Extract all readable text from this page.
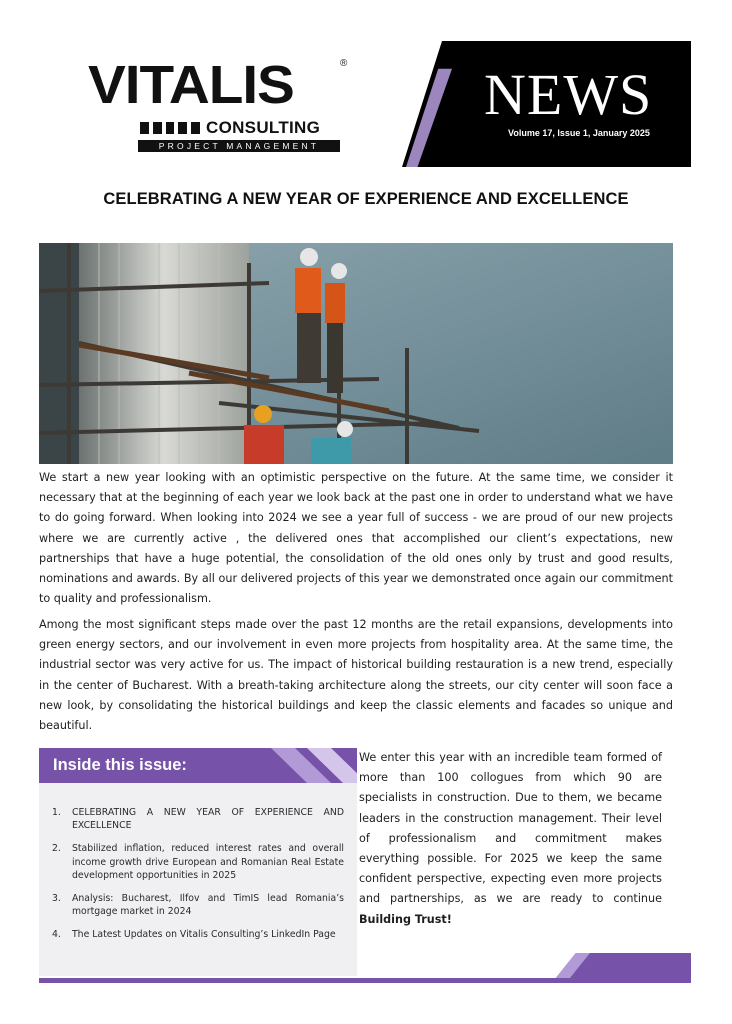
VITALIS	®
CONSULTING
PROJECT MANAGEMENT
NEWS
Volume 17, Issue 1, January 2025
CELEBRATING A NEW YEAR OF EXPERIENCE AND EXCELLENCE

We start a new year looking with an optimistic perspective on the future. At the same time, we consider it necessary that at the beginning of each year we look back at the past one in order to understand what we have to do going forward. When looking into 2024 we see a year full of success - we are proud of our new projects where we are currently active , the delivered ones that accomplished our client’s expectations, new partnerships that have a huge potential, the consolidation of the old ones only by trust and good results, nominations and awards. By all our delivered projects of this year we demonstrated once again our commitment to quality and professionalism.

Among the most significant steps made over the past 12 months are the retail expansions, developments into green energy sectors, and our involvement in even more projects from hospitality area. At the same time, the industrial sector was very active for us. The impact of historical building restauration is a new trend, especially in the center of Bucharest. With a breath-taking architecture along the streets, our city center will soon face a new look, by consolidating the historical buildings and keep the classic elements and facades so unique and beautiful.

Inside this issue:
1. CELEBRATING A NEW YEAR OF EXPERIENCE AND EXCELLENCE
2. Stabilized inflation, reduced interest rates and overall income growth drive European and Romanian Real Estate development opportunities in 2025
3. Analysis: Bucharest, Ilfov and TimIS lead Romania’s mortgage market in 2024
4. The Latest Updates on Vitalis Consulting’s LinkedIn Page

We enter this year with an incredible team formed of more than 100 collogues from which 90 are specialists in construction. Due to them, we became leaders in the construction management. Their level of professionalism and commitment makes everything possible. For 2025 we keep the same confident perspective, expecting even more projects and partnerships, as we are ready to continue Building Trust!
